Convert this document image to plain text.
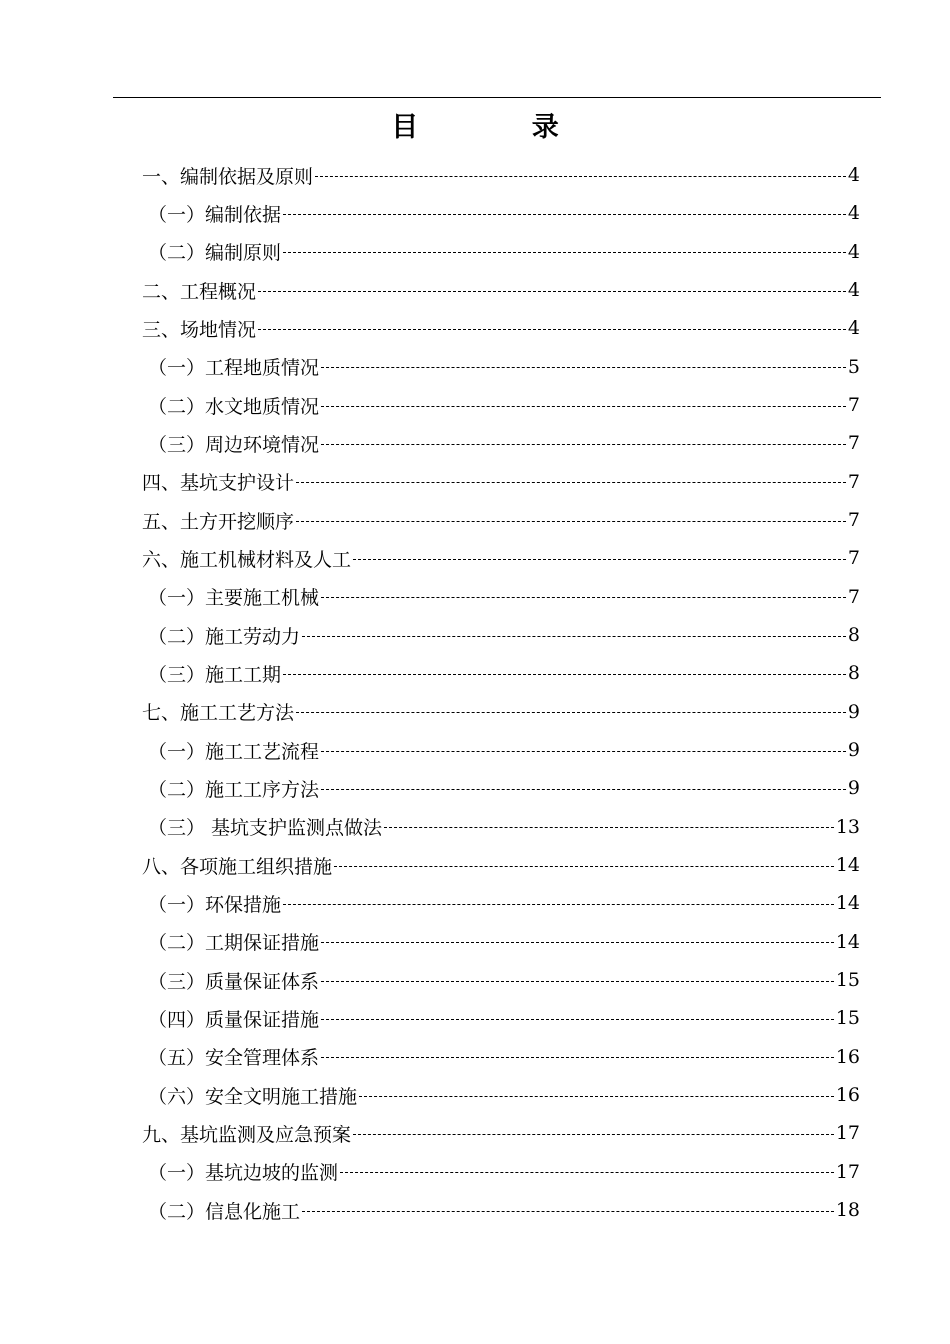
目 录
一、编制依据及原则	4
（一）编制依据	4
（二）编制原则	4
二、工程概况	4
三、场地情况	4
（一）工程地质情况	5
（二）水文地质情况	7
（三）周边环境情况	7
四、基坑支护设计	7
五、土方开挖顺序	7
六、施工机械材料及人工	7
（一）主要施工机械	7
（二）施工劳动力	8
（三）施工工期	8
七、施工工艺方法	9
（一）施工工艺流程	9
（二）施工工序方法	9
（三） 基坑支护监测点做法	13
八、各项施工组织措施	14
（一）环保措施	14
（二）工期保证措施	14
（三）质量保证体系	15
（四）质量保证措施	15
（五）安全管理体系	16
（六）安全文明施工措施	16
九、基坑监测及应急预案	17
（一）基坑边坡的监测	17
（二）信息化施工	18
